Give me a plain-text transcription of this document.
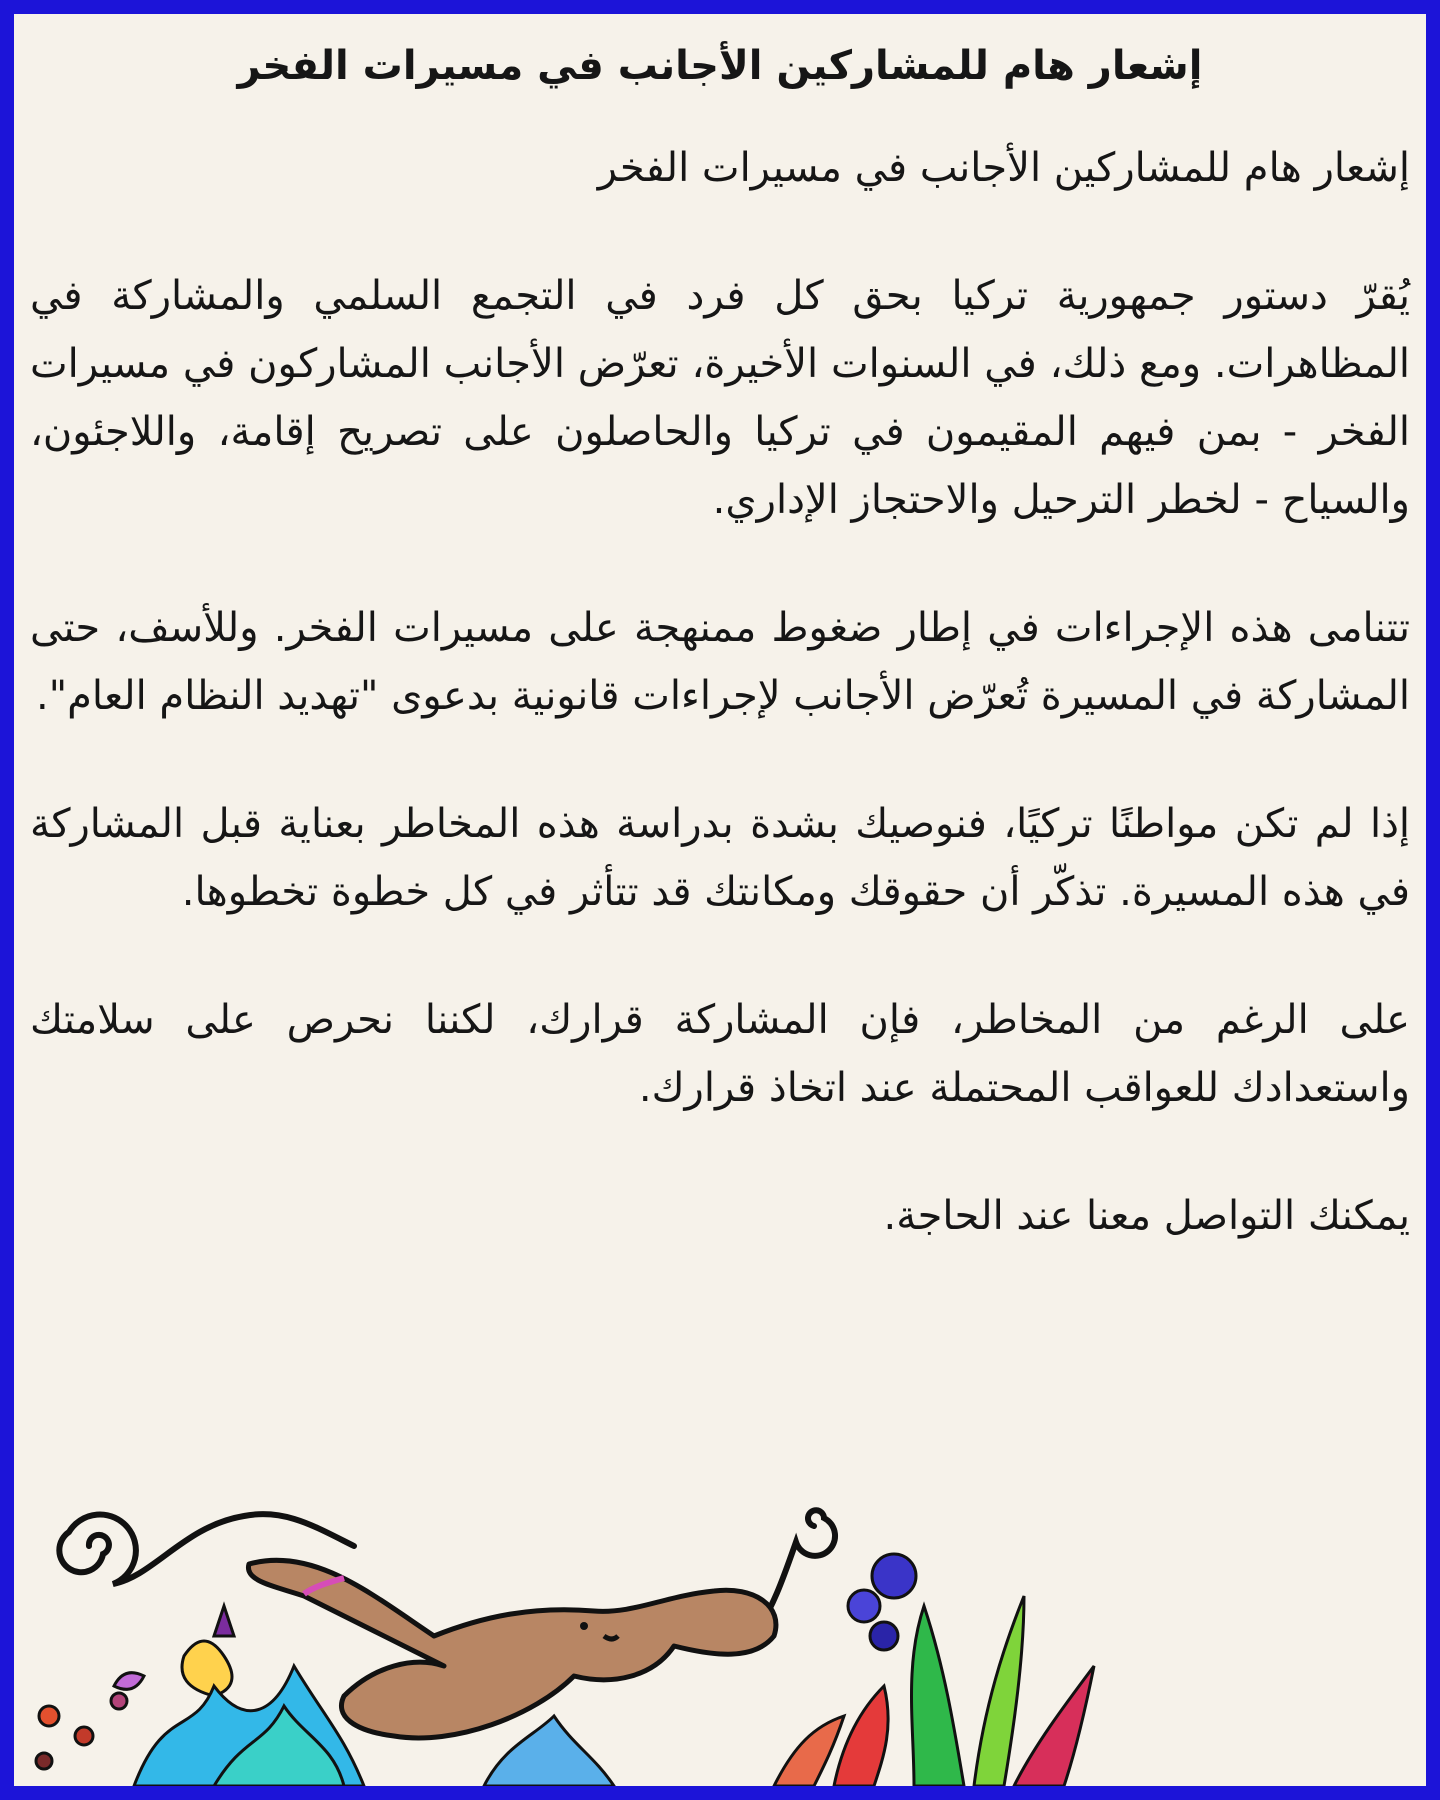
إشعار هام للمشاركين الأجانب في مسيرات الفخر

إشعار هام للمشاركين الأجانب في مسيرات الفخر

يُقرّ دستور جمهورية تركيا بحق كل فرد في التجمع السلمي والمشاركة في المظاهرات. ومع ذلك، في السنوات الأخيرة، تعرّض الأجانب المشاركون في مسيرات الفخر - بمن فيهم المقيمون في تركيا والحاصلون على تصريح إقامة، واللاجئون، والسياح - لخطر الترحيل والاحتجاز الإداري.

تتنامى هذه الإجراءات في إطار ضغوط ممنهجة على مسيرات الفخر. وللأسف، حتى المشاركة في المسيرة تُعرّض الأجانب لإجراءات قانونية بدعوى "تهديد النظام العام".

إذا لم تكن مواطنًا تركيًا، فنوصيك بشدة بدراسة هذه المخاطر بعناية قبل المشاركة في هذه المسيرة. تذكّر أن حقوقك ومكانتك قد تتأثر في كل خطوة تخطوها.

على الرغم من المخاطر، فإن المشاركة قرارك، لكننا نحرص على سلامتك واستعدادك للعواقب المحتملة عند اتخاذ قرارك.

يمكنك التواصل معنا عند الحاجة.
